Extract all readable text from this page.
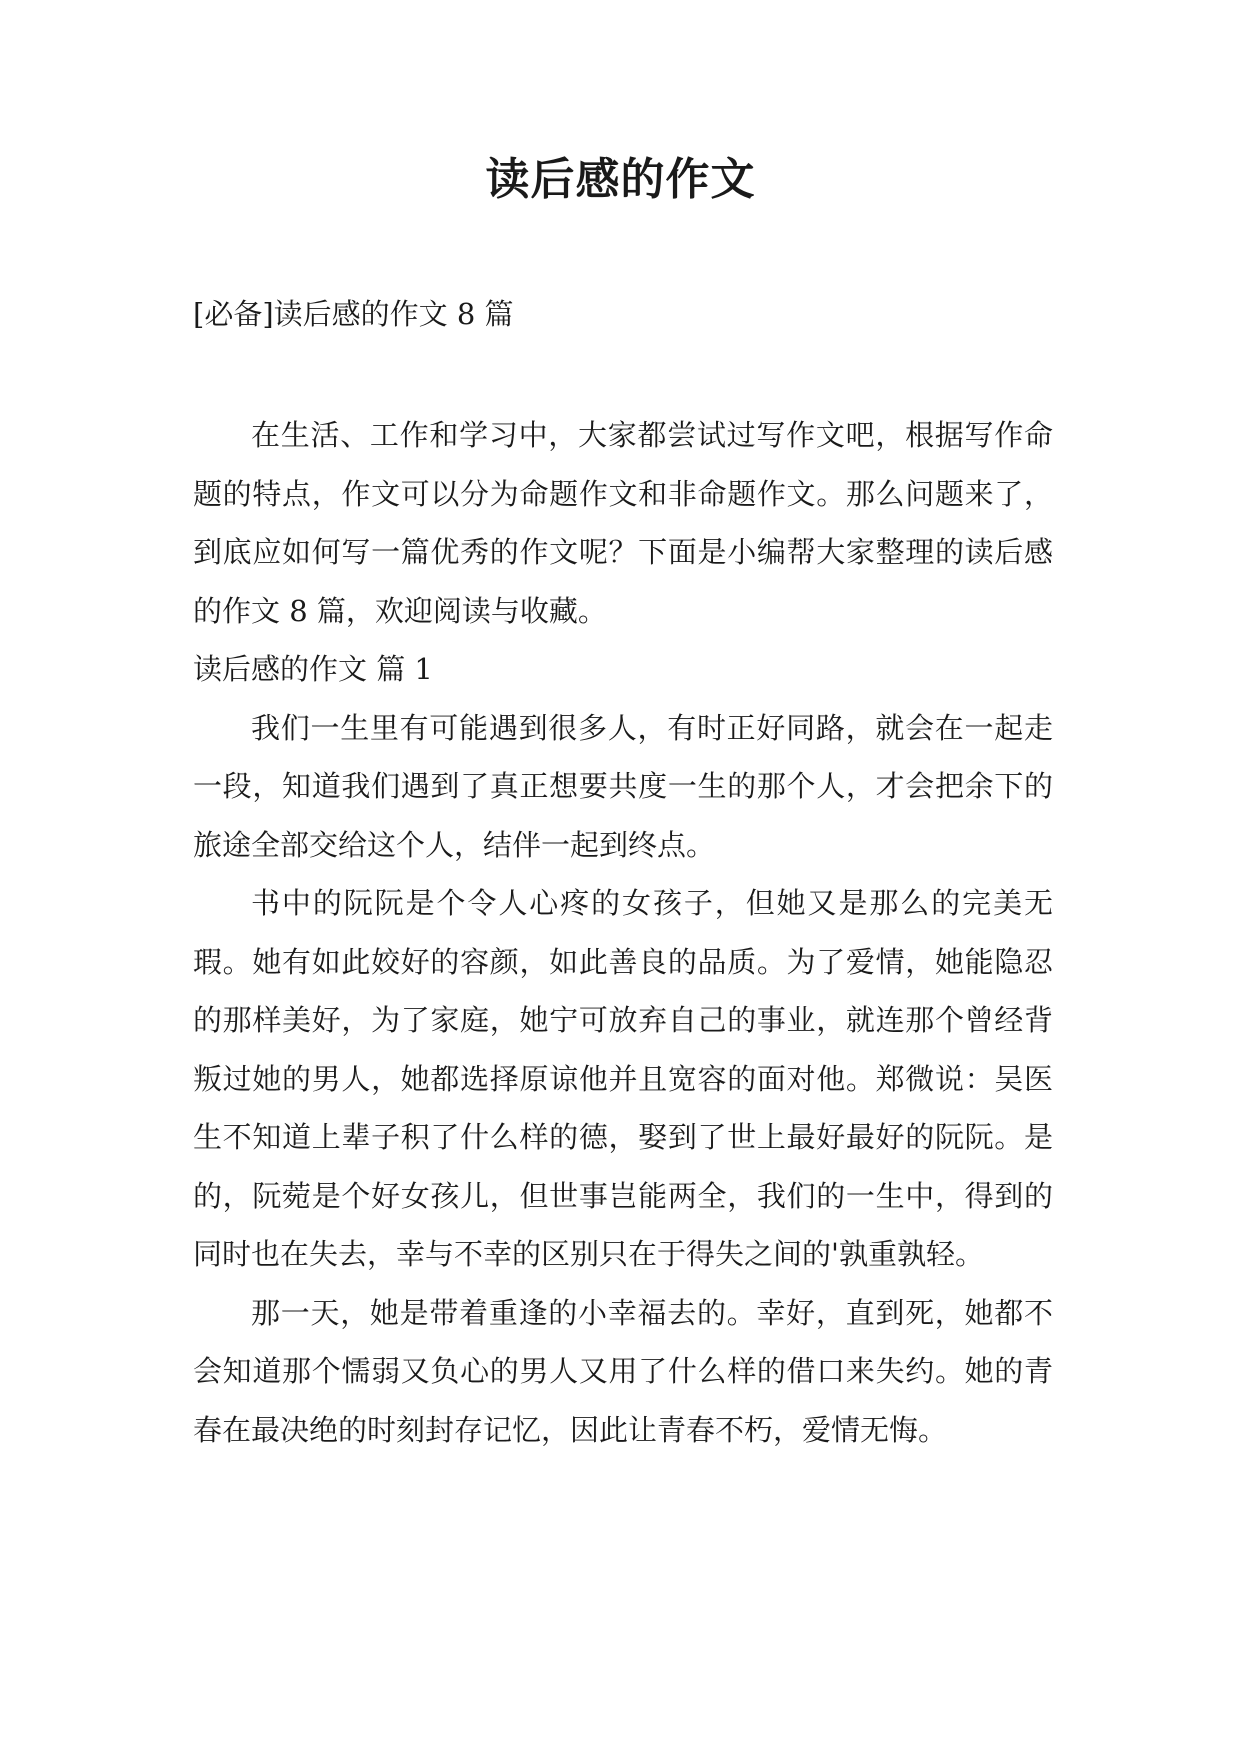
读后感的作文
[必备]读后感的作文 8 篇

在生活、工作和学习中，大家都尝试过写作文吧，根据写作命题的特点，作文可以分为命题作文和非命题作文。那么问题来了，到底应如何写一篇优秀的作文呢？下面是小编帮大家整理的读后感的作文 8 篇，欢迎阅读与收藏。

读后感的作文 篇 1

我们一生里有可能遇到很多人，有时正好同路，就会在一起走一段，知道我们遇到了真正想要共度一生的那个人，才会把余下的旅途全部交给这个人，结伴一起到终点。

书中的阮阮是个令人心疼的女孩子，但她又是那么的完美无瑕。她有如此姣好的容颜，如此善良的品质。为了爱情，她能隐忍的那样美好，为了家庭，她宁可放弃自己的事业，就连那个曾经背叛过她的男人，她都选择原谅他并且宽容的面对他。郑微说：吴医生不知道上辈子积了什么样的德，娶到了世上最好最好的阮阮。是的，阮菀是个好女孩儿，但世事岂能两全，我们的一生中，得到的同时也在失去，幸与不幸的区别只在于得失之间的'孰重孰轻。

那一天，她是带着重逢的小幸福去的。幸好，直到死，她都不会知道那个懦弱又负心的男人又用了什么样的借口来失约。她的青春在最决绝的时刻封存记忆，因此让青春不朽，爱情无悔。
